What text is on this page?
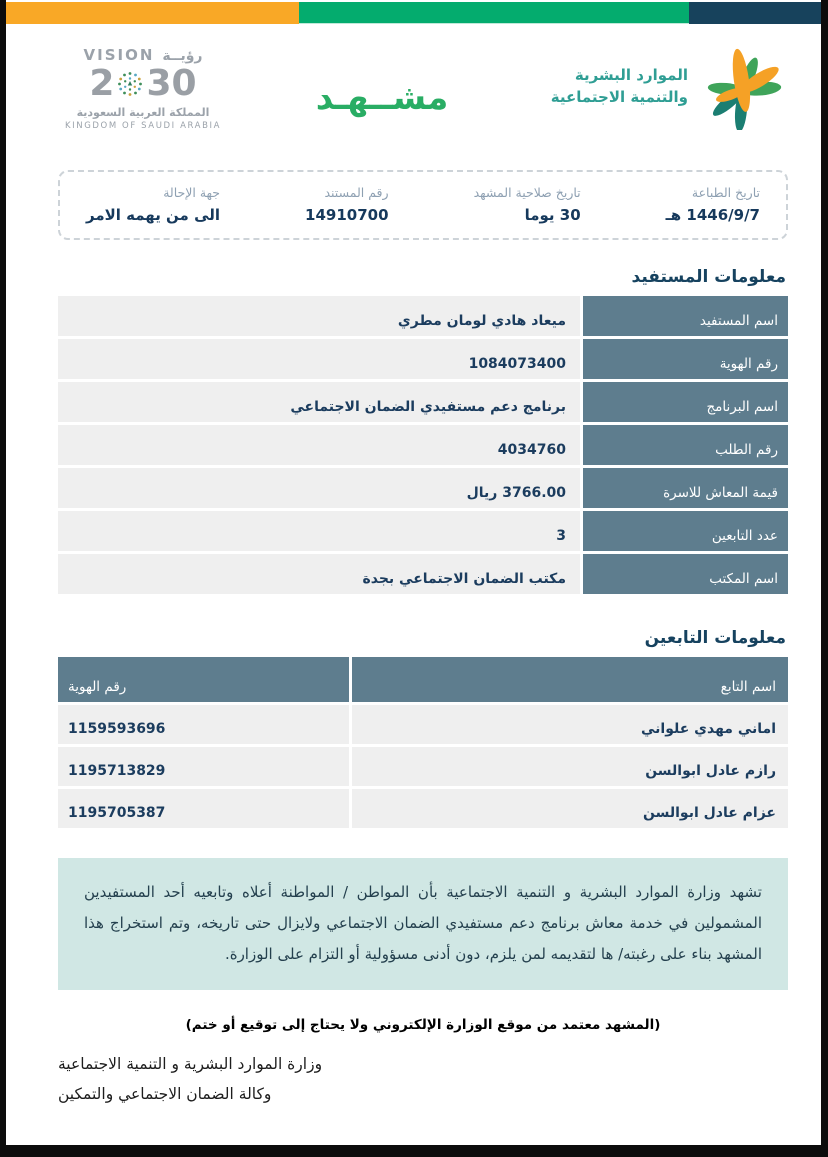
الموارد البشرية
والتنمية الاجتماعية
مشــهـد
VISION رؤيــة
2 30
المملكة العربية السعودية
KINGDOM OF SAUDI ARABIA
تاريخ الطباعة
1446/9/7 هـ
تاريخ صلاحية المشهد
30 يوما
رقم المستند
14910700
جهة الإحالة
الى من يهمه الامر
معلومات المستفيد
اسم المستفيد
ميعاد هادي لومان مطري
رقم الهوية
1084073400
اسم البرنامج
برنامج دعم مستفيدي الضمان الاجتماعي
رقم الطلب
4034760
قيمة المعاش للاسرة
3766.00 ريال
عدد التابعين
3
اسم المكتب
مكتب الضمان الاجتماعي بجدة
معلومات التابعين
اسم التابع
رقم الهوية
اماني مهدي علواني
1159593696
رازم عادل ابوالسن
1195713829
عزام عادل ابوالسن
1195705387
تشهد وزارة الموارد البشرية و التنمية الاجتماعية بأن المواطن / المواطنة أعلاه وتابعيه أحد المستفيدين المشمولين في خدمة معاش برنامج دعم مستفيدي الضمان الاجتماعي ولايزال حتى تاريخه، وتم استخراج هذا المشهد بناء على رغبته/ ها لتقديمه لمن يلزم، دون أدنى مسؤولية أو التزام على الوزارة.
(المشهد معتمد من موقع الوزارة الإلكتروني ولا يحتاج إلى توقيع أو ختم)
وزارة الموارد البشرية و التنمية الاجتماعية
وكالة الضمان الاجتماعي والتمكين
